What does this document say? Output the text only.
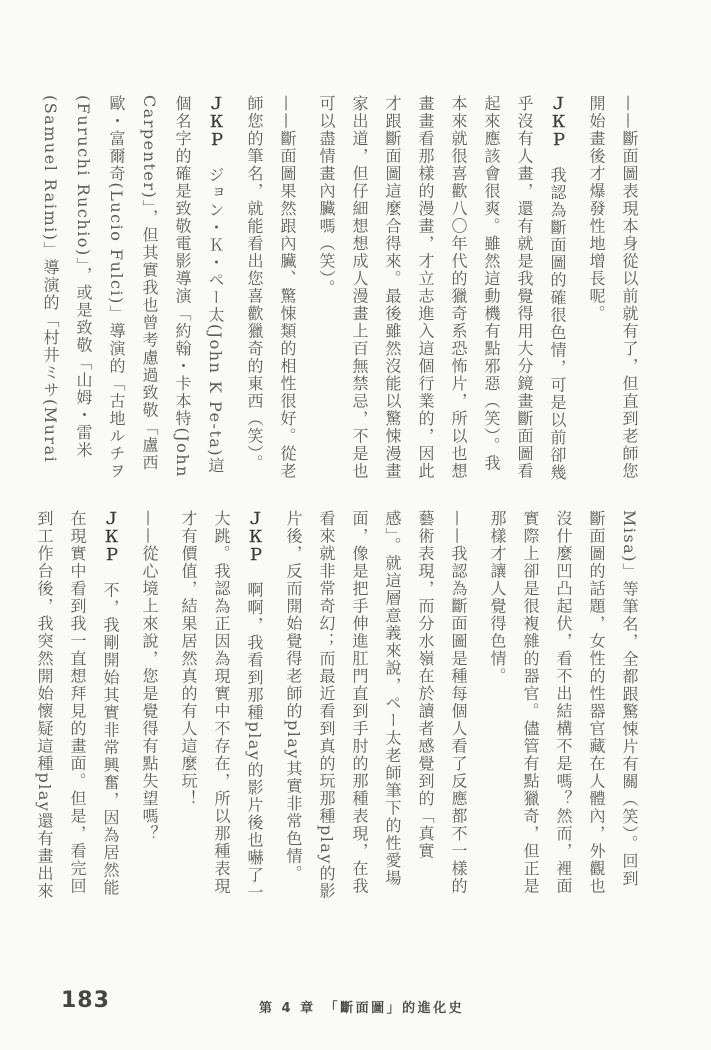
——斷面圖表現本身從以前就有了，但直到老師您
開始畫後才爆發性地增長呢。
ＪＫＰ　我認為斷面圖的確很色情，可是以前卻幾
乎沒有人畫，還有就是我覺得用大分鏡畫斷面圖看
起來應該會很爽。雖然這動機有點邪惡（笑）。我
本來就很喜歡八〇年代的獵奇系恐怖片，所以也想
畫畫看那樣的漫畫，才立志進入這個行業的，因此
才跟斷面圖這麼合得來。最後雖然沒能以驚悚漫畫
家出道，但仔細想想成人漫畫上百無禁忌，不是也
可以盡情畫內臟嗎（笑）。
——斷面圖果然跟內臟、驚悚類的相性很好。從老
師您的筆名，就能看出您喜歡獵奇的東西（笑）。
ＪＫＰ　ジョン・Ｋ・ペー太(John K Pe-ta)這
個名字的確是致敬電影導演「約翰・卡本特(John
Carpenter)」，但其實我也曾考慮過致敬「盧西
歐・富爾奇(Lucio Fulci)」導演的「古地ルチヲ
(Furuchi Ruchio)」，或是致敬「山姆・雷米
(Samuel Raimi)」導演的「村井ミサ(Murai
Misa)」等筆名，全都跟驚悚片有關（笑）。回到
斷面圖的話題，女性的性器官藏在人體內，外觀也
沒什麼凹凸起伏，看不出結構不是嗎？然而，裡面
實際上卻是很複雜的器官。儘管有點獵奇，但正是
那樣才讓人覺得色情。
——我認為斷面圖是種每個人看了反應都不一樣的
藝術表現，而分水嶺在於讀者感覺到的「真實
感」。就這層意義來說，ペー太老師筆下的性愛場
面，像是把手伸進肛門直到手肘的那種表現，在我
看來就非常奇幻；而最近看到真的玩那種play的影
片後，反而開始覺得老師的play其實非常色情。
ＪＫＰ　啊啊，我看到那種play的影片後也嚇了一
大跳。我認為正因為現實中不存在，所以那種表現
才有價值，結果居然真的有人這麼玩！
——從心境上來說，您是覺得有點失望嗎？
ＪＫＰ　不，我剛開始其實非常興奮，因為居然能
在現實中看到我一直想拜見的畫面。但是，看完回
到工作台後，我突然開始懷疑這種play還有畫出來
183	第 4 章　「斷面圖」的進化史
